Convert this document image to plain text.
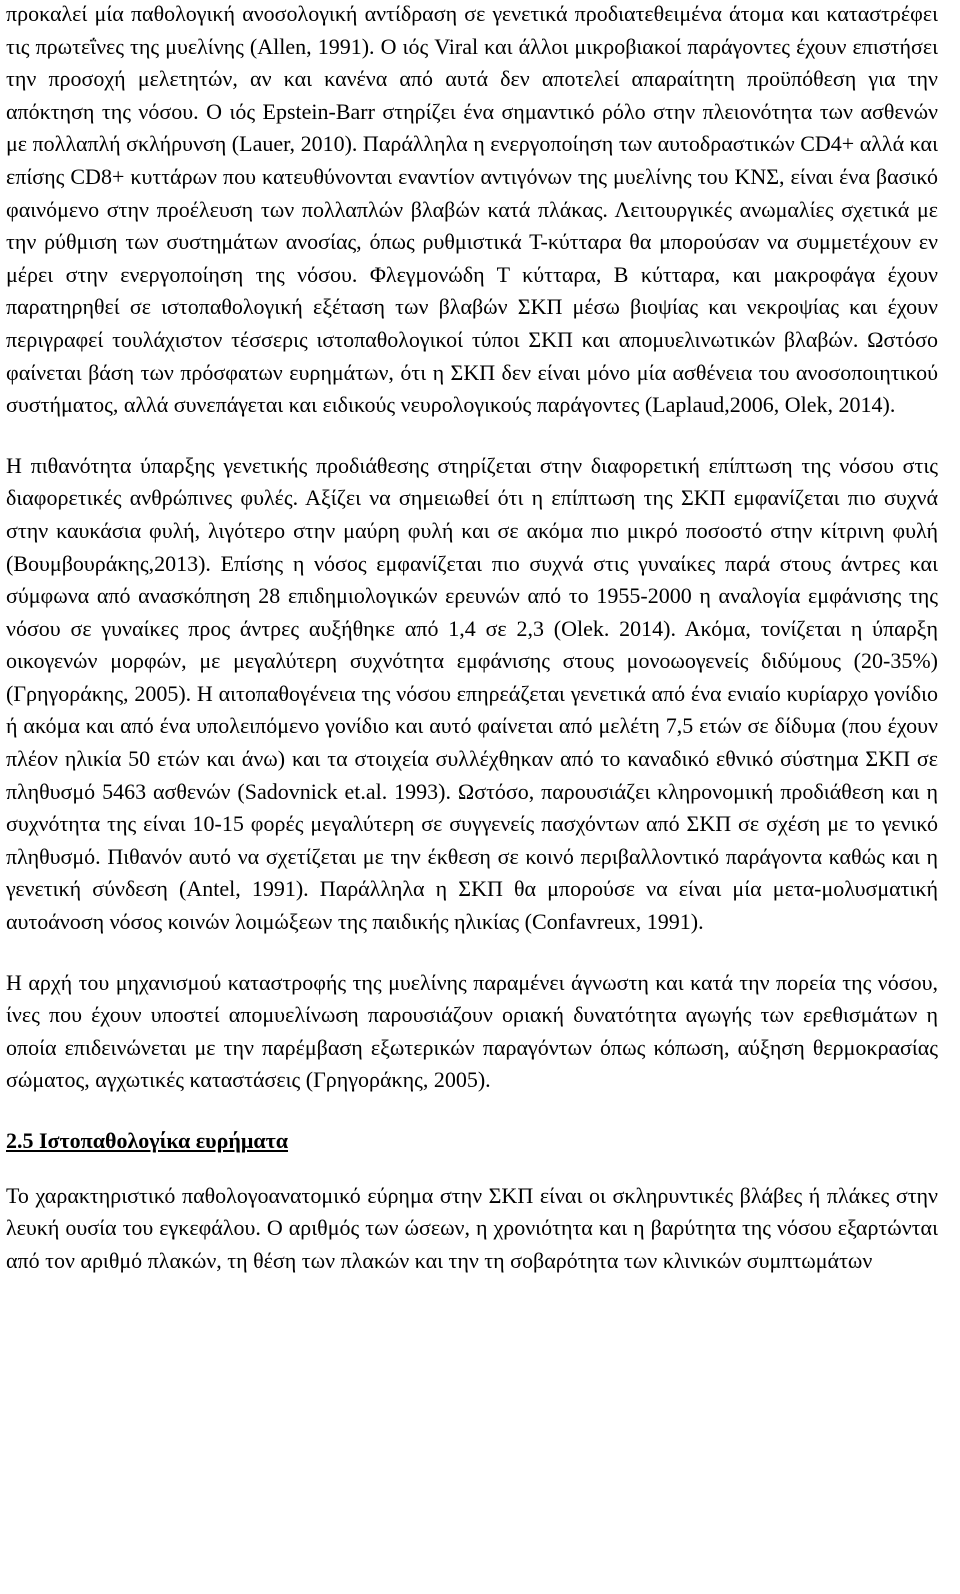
προκαλεί μία παθολογική ανοσολογική αντίδραση σε γενετικά προδιατεθειμένα άτομα και καταστρέφει τις πρωτεΐνες της μυελίνης (Allen, 1991). Ο ιός Viral και άλλοι μικροβιακοί παράγοντες έχουν επιστήσει την προσοχή μελετητών, αν και κανένα από αυτά δεν αποτελεί απαραίτητη προϋπόθεση για την απόκτηση της νόσου. Ο ιός Epstein-Barr στηρίζει ένα σημαντικό ρόλο στην πλειονότητα των ασθενών με πολλαπλή σκλήρυνση (Lauer, 2010). Παράλληλα η ενεργοποίηση των αυτοδραστικών CD4+ αλλά και επίσης CD8+ κυττάρων που κατευθύνονται εναντίον αντιγόνων της μυελίνης του ΚΝΣ, είναι ένα βασικό φαινόμενο στην προέλευση των πολλαπλών βλαβών κατά πλάκας. Λειτουργικές ανωμαλίες σχετικά με την ρύθμιση των συστημάτων ανοσίας, όπως ρυθμιστικά Τ-κύτταρα θα μπορούσαν να συμμετέχουν εν μέρει στην ενεργοποίηση της νόσου. Φλεγμονώδη Τ κύτταρα, Β κύτταρα, και μακροφάγα έχουν παρατηρηθεί σε ιστοπαθολογική εξέταση των βλαβών ΣΚΠ μέσω βιοψίας και νεκροψίας και έχουν περιγραφεί τουλάχιστον τέσσερις ιστοπαθολογικοί τύποι ΣΚΠ και απομυελινωτικών βλαβών. Ωστόσο φαίνεται βάση των πρόσφατων ευρημάτων, ότι η ΣΚΠ δεν είναι μόνο μία ασθένεια του ανοσοποιητικού συστήματος, αλλά συνεπάγεται και ειδικούς νευρολογικούς παράγοντες (Laplaud,2006, Olek, 2014).

Η πιθανότητα ύπαρξης γενετικής προδιάθεσης στηρίζεται στην διαφορετική επίπτωση της νόσου στις διαφορετικές ανθρώπινες φυλές. Αξίζει να σημειωθεί ότι η επίπτωση της ΣΚΠ εμφανίζεται πιο συχνά στην καυκάσια φυλή, λιγότερο στην μαύρη φυλή και σε ακόμα πιο μικρό ποσοστό στην κίτρινη φυλή (Βουμβουράκης,2013). Επίσης η νόσος εμφανίζεται πιο συχνά στις γυναίκες παρά στους άντρες και σύμφωνα από ανασκόπηση 28 επιδημιολογικών ερευνών από το 1955-2000 η αναλογία εμφάνισης της νόσου σε γυναίκες προς άντρες αυξήθηκε από 1,4 σε 2,3 (Olek. 2014). Ακόμα, τονίζεται η ύπαρξη οικογενών μορφών, με μεγαλύτερη συχνότητα εμφάνισης στους μονοωογενείς διδύμους (20-35%) (Γρηγοράκης, 2005). Η αιτοπαθογένεια της νόσου επηρεάζεται γενετικά από ένα ενιαίο κυρίαρχο γονίδιο ή ακόμα και από ένα υπολειπόμενο γονίδιο και αυτό φαίνεται από μελέτη 7,5 ετών σε δίδυμα (που έχουν πλέον ηλικία 50 ετών και άνω) και τα στοιχεία συλλέχθηκαν από το καναδικό εθνικό σύστημα ΣΚΠ σε πληθυσμό 5463 ασθενών (Sadovnick et.al. 1993). Ωστόσο, παρουσιάζει κληρονομική προδιάθεση και η συχνότητα της είναι 10-15 φορές μεγαλύτερη σε συγγενείς πασχόντων από ΣΚΠ σε σχέση με το γενικό πληθυσμό. Πιθανόν αυτό να σχετίζεται με την έκθεση σε κοινό περιβαλλοντικό παράγοντα καθώς και η γενετική σύνδεση (Antel, 1991). Παράλληλα η ΣΚΠ θα μπορούσε να είναι μία μετα-μολυσματική αυτοάνοση νόσος κοινών λοιμώξεων της παιδικής ηλικίας (Confavreux, 1991).

Η αρχή του μηχανισμού καταστροφής της μυελίνης παραμένει άγνωστη και κατά την πορεία της νόσου, ίνες που έχουν υποστεί απομυελίνωση παρουσιάζουν οριακή δυνατότητα αγωγής των ερεθισμάτων η οποία επιδεινώνεται με την παρέμβαση εξωτερικών παραγόντων όπως κόπωση, αύξηση θερμοκρασίας σώματος, αγχωτικές καταστάσεις (Γρηγοράκης, 2005).

2.5 Ιστοπαθολογίκα ευρήματα

Το χαρακτηριστικό παθολογοανατομικό εύρημα στην ΣΚΠ είναι οι σκληρυντικές βλάβες ή πλάκες στην λευκή ουσία του εγκεφάλου. Ο αριθμός των ώσεων, η χρονιότητα και η βαρύτητα της νόσου εξαρτώνται από τον αριθμό πλακών, τη θέση των πλακών και την τη σοβαρότητα των κλινικών συμπτωμάτων
